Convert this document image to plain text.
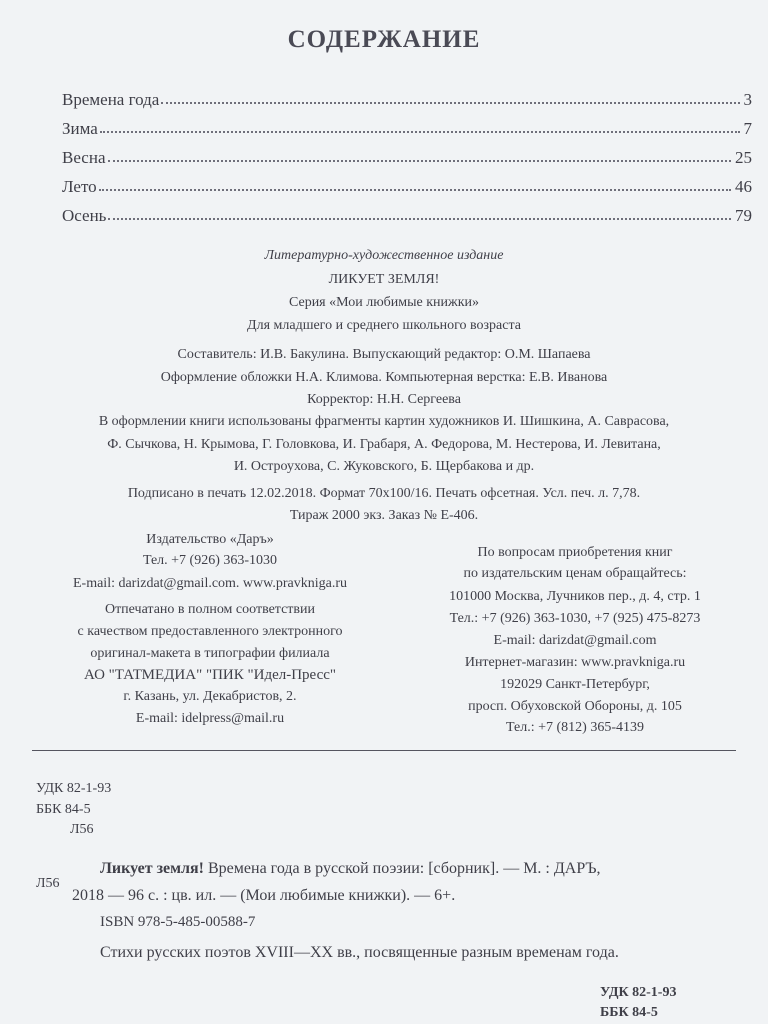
СОДЕРЖАНИЕ
Времена года	3
Зима	7
Весна	25
Лето	46
Осень	79
Литературно-художественное издание
ЛИКУЕТ ЗЕМЛЯ!
Серия «Мои любимые книжки»
Для младшего и среднего школьного возраста
Составитель: И.В. Бакулина. Выпускающий редактор: О.М. Шапаева
Оформление обложки Н.А. Климова. Компьютерная верстка: Е.В. Иванова
Корректор: Н.Н. Сергеева
В оформлении книги использованы фрагменты картин художников И. Шишкина, А. Саврасова,
Ф. Сычкова, Н. Крымова, Г. Головкова, И. Грабаря, А. Федорова, М. Нестерова, И. Левитана,
И. Остроухова, С. Жуковского, Б. Щербакова и др.
Подписано в печать 12.02.2018. Формат 70х100/16. Печать офсетная. Усл. печ. л. 7,78.
Тираж 2000 экз. Заказ № Е-406.
Издательство «Даръ»
Тел. +7 (926) 363-1030
E-mail: darizdat@gmail.com. www.pravkniga.ru
Отпечатано в полном соответствии
с качеством предоставленного электронного
оригинал-макета в типографии филиала
АО "ТАТМЕДИА" "ПИК "Идел-Пресс"
г. Казань, ул. Декабристов, 2.
E-mail: idelpress@mail.ru
По вопросам приобретения книг
по издательским ценам обращайтесь:
101000 Москва, Лучников пер., д. 4, стр. 1
Тел.: +7 (926) 363-1030, +7 (925) 475-8273
E-mail: darizdat@gmail.com
Интернет-магазин: www.pravkniga.ru
192029 Санкт-Петербург,
просп. Обуховской Обороны, д. 105
Тел.: +7 (812) 365-4139
УДК 82-1-93
ББК 84-5
Л56
Л56
Ликует земля! Времена года в русской поэзии: [сборник]. — М. : ДАРЪ,
2018 — 96 с. : цв. ил. — (Мои любимые книжки). — 6+.
ISBN 978-5-485-00588-7
Стихи русских поэтов XVIII—XX вв., посвященные разным временам года.
УДК 82-1-93
ББК 84-5
